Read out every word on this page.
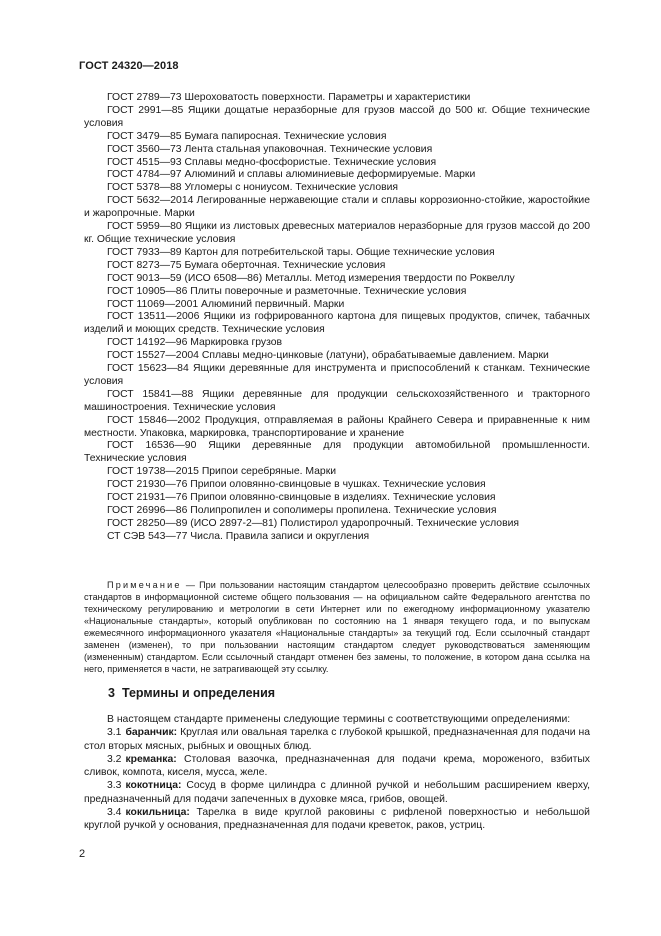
ГОСТ 24320—2018
ГОСТ 2789—73 Шероховатость поверхности. Параметры и характеристики
ГОСТ 2991—85 Ящики дощатые неразборные для грузов массой до 500 кг. Общие технические условия
ГОСТ 3479—85 Бумага папиросная. Технические условия
ГОСТ 3560—73 Лента стальная упаковочная. Технические условия
ГОСТ 4515—93 Сплавы медно-фосфористые. Технические условия
ГОСТ 4784—97 Алюминий и сплавы алюминиевые деформируемые. Марки
ГОСТ 5378—88 Угломеры с нониусом. Технические условия
ГОСТ 5632—2014 Легированные нержавеющие стали и сплавы коррозионно-стойкие, жаростойкие и жаропрочные. Марки
ГОСТ 5959—80 Ящики из листовых древесных материалов неразборные для грузов массой до 200 кг. Общие технические условия
ГОСТ 7933—89 Картон для потребительской тары. Общие технические условия
ГОСТ 8273—75 Бумага оберточная. Технические условия
ГОСТ 9013—59 (ИСО 6508—86) Металлы. Метод измерения твердости по Роквеллу
ГОСТ 10905—86 Плиты поверочные и разметочные. Технические условия
ГОСТ 11069—2001 Алюминий первичный. Марки
ГОСТ 13511—2006 Ящики из гофрированного картона для пищевых продуктов, спичек, табачных изделий и моющих средств. Технические условия
ГОСТ 14192—96 Маркировка грузов
ГОСТ 15527—2004 Сплавы медно-цинковые (латуни), обрабатываемые давлением. Марки
ГОСТ 15623—84 Ящики деревянные для инструмента и приспособлений к станкам. Технические условия
ГОСТ 15841—88 Ящики деревянные для продукции сельскохозяйственного и тракторного машиностроения. Технические условия
ГОСТ 15846—2002 Продукция, отправляемая в районы Крайнего Севера и приравненные к ним местности. Упаковка, маркировка, транспортирование и хранение
ГОСТ 16536—90 Ящики деревянные для продукции автомобильной промышленности. Технические условия
ГОСТ 19738—2015 Припои серебряные. Марки
ГОСТ 21930—76 Припои оловянно-свинцовые в чушках. Технические условия
ГОСТ 21931—76 Припои оловянно-свинцовые в изделиях. Технические условия
ГОСТ 26996—86 Полипропилен и сополимеры пропилена. Технические условия
ГОСТ 28250—89 (ИСО 2897-2—81) Полистирол ударопрочный. Технические условия
СТ СЭВ 543—77 Числа. Правила записи и округления
Примечание — При пользовании настоящим стандартом целесообразно проверить действие ссылочных стандартов в информационной системе общего пользования — на официальном сайте Федерального агентства по техническому регулированию и метрологии в сети Интернет или по ежегодному информационному указателю «Национальные стандарты», который опубликован по состоянию на 1 января текущего года, и по выпускам ежемесячного информационного указателя «Национальные стандарты» за текущий год. Если ссылочный стандарт заменен (изменен), то при пользовании настоящим стандартом следует руководствоваться заменяющим (измененным) стандартом. Если ссылочный стандарт отменен без замены, то положение, в котором дана ссылка на него, применяется в части, не затрагивающей эту ссылку.
3 Термины и определения
В настоящем стандарте применены следующие термины с соответствующими определениями:
3.1 баранчик: Круглая или овальная тарелка с глубокой крышкой, предназначенная для подачи на стол вторых мясных, рыбных и овощных блюд.
3.2 креманка: Столовая вазочка, предназначенная для подачи крема, мороженого, взбитых сливок, компота, киселя, мусса, желе.
3.3 кокотница: Сосуд в форме цилиндра с длинной ручкой и небольшим расширением кверху, предназначенный для подачи запеченных в духовке мяса, грибов, овощей.
3.4 кокильница: Тарелка в виде круглой раковины с рифленой поверхностью и небольшой круглой ручкой у основания, предназначенная для подачи креветок, раков, устриц.
2
